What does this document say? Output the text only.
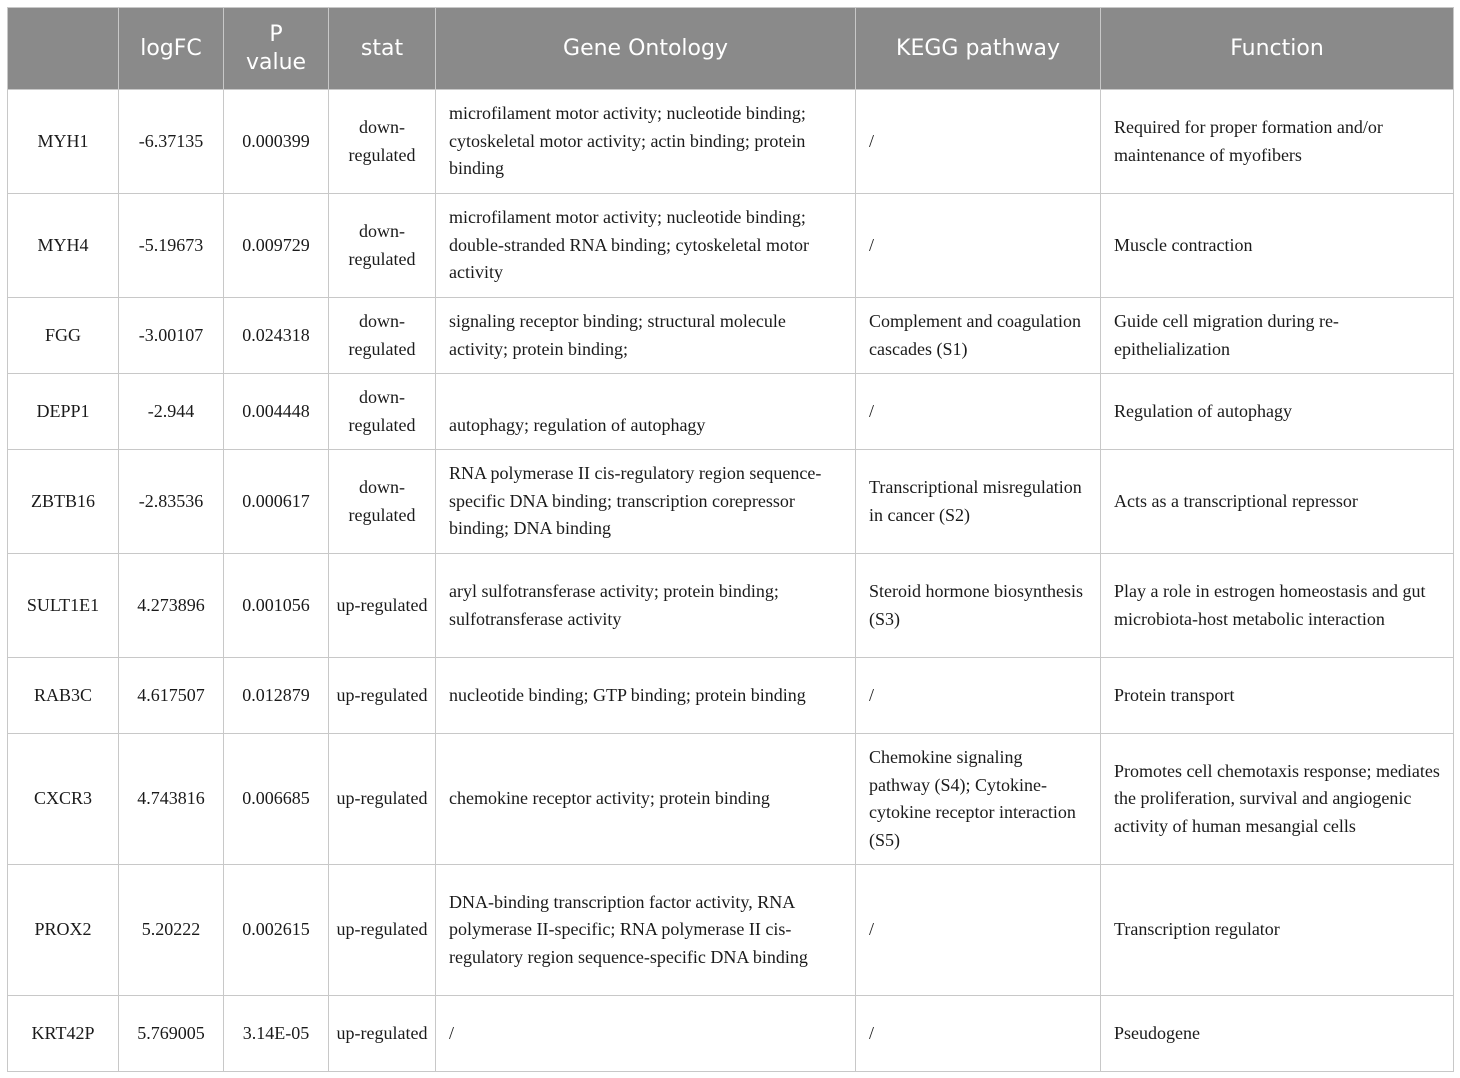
	logFC	P value	stat	Gene Ontology	KEGG pathway	Function
MYH1	-6.37135	0.000399	down-regulated	microfilament motor activity; nucleotide binding; cytoskeletal motor activity; actin binding; protein binding	/	Required for proper formation and/or maintenance of myofibers
MYH4	-5.19673	0.009729	down-regulated	microfilament motor activity; nucleotide binding; double-stranded RNA binding; cytoskeletal motor activity	/	Muscle contraction
FGG	-3.00107	0.024318	down-regulated	signaling receptor binding; structural molecule activity; protein binding;	Complement and coagulation cascades (S1)	Guide cell migration during re-epithelialization
DEPP1	-2.944	0.004448	down-regulated	autophagy; regulation of autophagy	/	Regulation of autophagy
ZBTB16	-2.83536	0.000617	down-regulated	RNA polymerase II cis-regulatory region sequence-specific DNA binding; transcription corepressor binding; DNA binding	Transcriptional misregulation in cancer (S2)	Acts as a transcriptional repressor
SULT1E1	4.273896	0.001056	up-regulated	aryl sulfotransferase activity; protein binding; sulfotransferase activity	Steroid hormone biosynthesis (S3)	Play a role in estrogen homeostasis and gut microbiota-host metabolic interaction
RAB3C	4.617507	0.012879	up-regulated	nucleotide binding; GTP binding; protein binding	/	Protein transport
CXCR3	4.743816	0.006685	up-regulated	chemokine receptor activity; protein binding	Chemokine signaling pathway (S4); Cytokine-cytokine receptor interaction (S5)	Promotes cell chemotaxis response; mediates the proliferation, survival and angiogenic activity of human mesangial cells
PROX2	5.20222	0.002615	up-regulated	DNA-binding transcription factor activity, RNA polymerase II-specific; RNA polymerase II cis-regulatory region sequence-specific DNA binding	/	Transcription regulator
KRT42P	5.769005	3.14E-05	up-regulated	/	/	Pseudogene
